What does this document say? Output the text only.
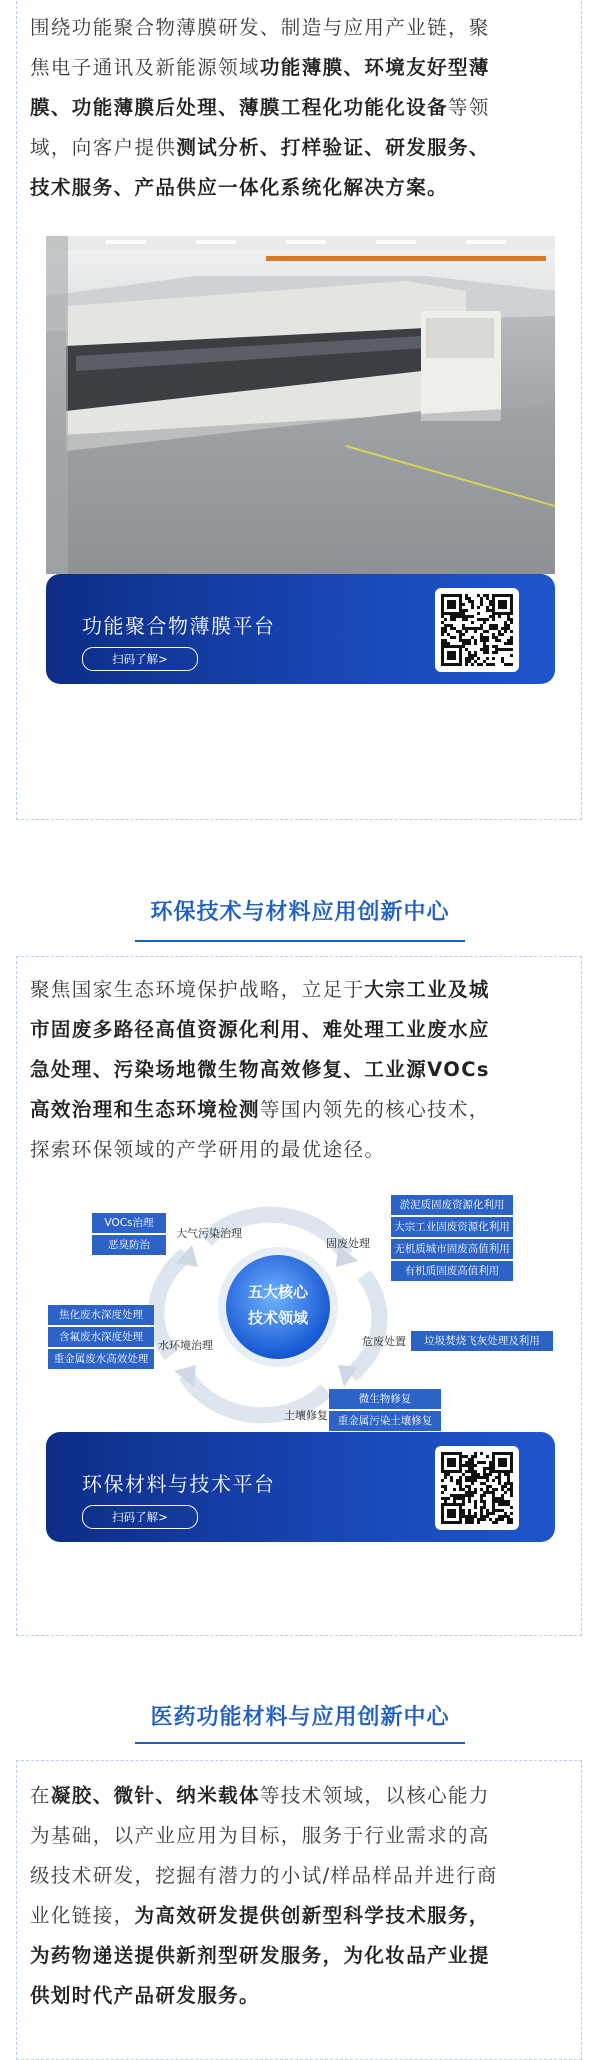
围绕功能聚合物薄膜研发、制造与应用产业链，聚
焦电子通讯及新能源领域功能薄膜、环境友好型薄
膜、功能薄膜后处理、薄膜工程化功能化设备等领
域，向客户提供测试分析、打样验证、研发服务、
技术服务、产品供应一体化系统化解决方案。
功能聚合物薄膜平台
扫码了解>
环保技术与材料应用创新中心
聚焦国家生态环境保护战略，立足于大宗工业及城
市固废多路径高值资源化利用、难处理工业废水应
急处理、污染场地微生物高效修复、工业源VOCs
高效治理和生态环境检测等国内领先的核心技术，
探索环保领域的产学研用的最优途径。
五大核心
技术领域
大气污染治理
固废处理
水环境治理	危废处置
土壤修复
VOCs治理
恶臭防治
淤泥质固废资源化利用
大宗工业固废资源化利用
无机质城市固废高值利用
有机质固废高值利用
焦化废水深度处理
含氟废水深度处理
重金属废水高效处理
垃圾焚烧飞灰处理及利用
微生物修复
重金属污染土壤修复
环保材料与技术平台
扫码了解>
医药功能材料与应用创新中心
在凝胶、微针、纳米载体等技术领域，以核心能力
为基础，以产业应用为目标，服务于行业需求的高
级技术研发，挖掘有潜力的小试/样品样品并进行商
业化链接，为高效研发提供创新型科学技术服务，
为药物递送提供新剂型研发服务，为化妆品产业提
供划时代产品研发服务。
